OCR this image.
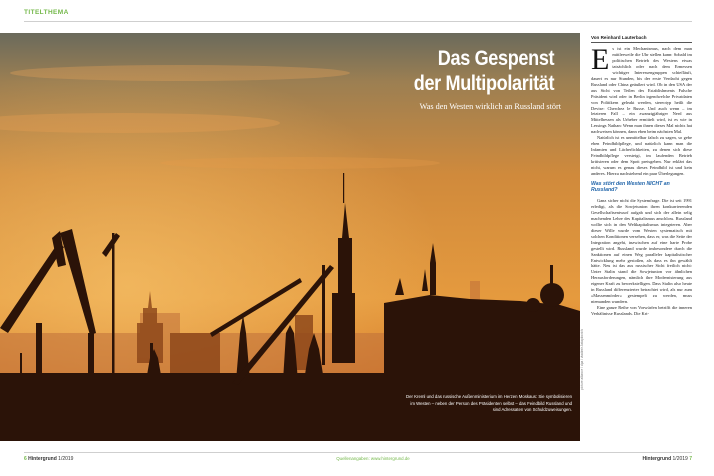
TITELTHEMA
Das Gespenst
der Multipolarität
Was den Westen wirklich an Russland stört
Der Kreml und das russische Außenministerium im Herzen Moskaus: Sie symbolisieren im Westen – neben der Person des Präsidenten selbst – das Feindbild Russland und sind Adressaten von Schuldzuweisungen.
picture alliance / dpa / vladimir Astapkovich
Von Reinhard Lauterbach

Es ist ein Mechanismus, nach dem man mittlerweile die Uhr stellen kann: Sobald im politischen Betrieb des Westens etwas tatsächlich oder nach dem Ermessen wichtiger Interessengruppen schiefläuft, dauert es nur Stunden, bis der erste Verdacht gegen Russland oder China geäußert wird. Ob in den USA der aus Sicht von Teilen des Establishments Falsche Präsident wird oder in Berlin irgendwelche Privatdaten von Politikern geleakt werden, stereotyp heißt die Devise: Cherchez le Russe. Und auch wenn – im letzteren Fall – ein zwanzigjähriger Nerd aus Mittelhessen als Urheber ermittelt wird, ist es wie in Lessings Nathan: Wenn man ihnen dieses Mal nichts hat nachweisen können, dann eben beim nächsten Mal.

Natürlich ist es unmittelbar falsch zu sagen, so gebe eben Feindbildpflege, und natürlich kann man die Infamien und Lächerlichkeiten, zu denen sich diese Feindbildpflege versteigt, im laufenden Betrieb kritisieren oder dem Spott preisgeben. Nur erklärt das nicht, warum es genau dieses Feindbild ist und kein anderes. Hierzu nachstehend ein paar Überlegungen.

Was stört den Westen NICHT an Russland?

Ganz sicher nicht die Systemfrage. Die ist seit 1991 erledigt, als die Sowjetunion ihren konkurrierenden Gesellschaftsentwurf aufgab und sich der allein selig machenden Lehre des Kapitalismus anschloss. Russland wollte sich in den Weltkapitalismus integrieren. Aber dieser Wille wurde vom Westen systematisch mit solchen Konditionen versehen, dass er, was die Seite der Integration angeht, inzwischen auf eine harte Probe gestellt wird. Russland wurde insbesondere durch die Sanktionen auf einen Weg paralleler kapitalistischer Entwicklung mehr gestoßen, als dass es ihn gewählt hätte. Neu ist das aus russischer Sicht freilich nicht: Unter Stalin stand die Sowjetunion vor ähnlichen Herausforderungen, nämlich ihre Modernisierung aus eigener Kraft zu bewerkstelligen. Dass Stalin also heute in Russland differenzierter betrachtet wird, als nur zum »Massenmörder« gestempelt zu werden, muss niemanden wundern.

Eine ganze Reihe von Vorwürfen betrifft die inneren Verhältnisse Russlands. Die Kri-

6 Hintergrund 1/2019	Quellenangaben: www.hintergrund.de	Hintergrund 1/2019 7
